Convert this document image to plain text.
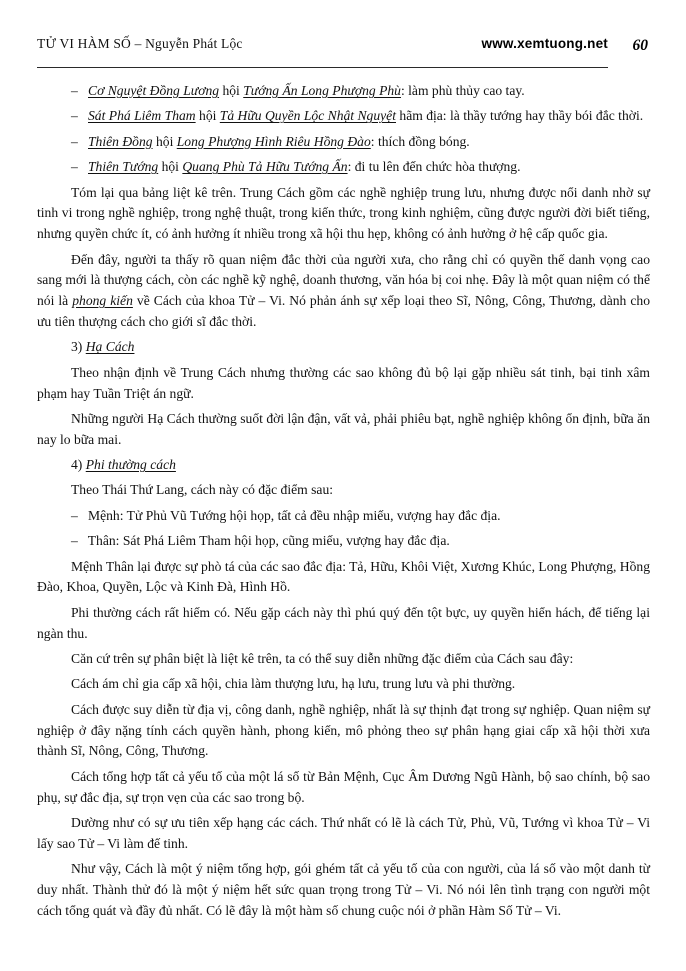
TỬ VI HÀM SỐ – Nguyễn Phát Lộc	www.xemtuong.net 60

–  Cơ Nguyệt Đồng Lương hội Tướng Ấn Long Phượng Phù: làm phù thủy cao tay.

–  Sát Phá Liêm Tham hội Tả Hữu Quyền Lộc Nhật Nguyệt hãm địa: là thầy tướng hay thầy bói đắc thời.

–  Thiên Đồng hội Long Phượng Hình Riêu Hồng Đào: thích đồng bóng.

–  Thiên Tướng hội Quang Phù Tả Hữu Tướng Ấn: đi tu lên đến chức hòa thượng.

Tóm lại qua bảng liệt kê trên. Trung Cách gồm các nghề nghiệp trung lưu, nhưng được nổi danh nhờ sự tinh vi trong nghề nghiệp, trong nghệ thuật, trong kiến thức, trong kinh nghiệm, cũng được người đời biết tiếng, nhưng quyền chức ít, có ảnh hưởng ít nhiều trong xã hội thu hẹp, không có ảnh hưởng ở hệ cấp quốc gia.

Đến đây, người ta thấy rõ quan niệm đắc thời của người xưa, cho rằng chỉ có quyền thế danh vọng cao sang mới là thượng cách, còn các nghề kỹ nghệ, doanh thương, văn hóa bị coi nhẹ. Đây là một quan niệm có thể nói là phong kiến về Cách của khoa Tử – Vi. Nó phản ánh sự xếp loại theo Sĩ, Nông, Công, Thương, dành cho ưu tiên thượng cách cho giới sĩ đắc thời.

3) Hạ Cách

Theo nhận định về Trung Cách nhưng thường các sao không đủ bộ lại gặp nhiều sát tinh, bại tinh xâm phạm hay Tuần Triệt án ngữ.

Những người Hạ Cách thường suốt đời lận đận, vất vả, phải phiêu bạt, nghề nghiệp không ổn định, bữa ăn nay lo bữa mai.

4) Phi thường cách

Theo Thái Thứ Lang, cách này có đặc điểm sau:

–  Mệnh: Tử Phủ Vũ Tướng hội họp, tất cả đều nhập miếu, vượng hay đắc địa.

–  Thân: Sát Phá Liêm Tham hội họp, cũng miếu, vượng hay đắc địa.

Mệnh Thân lại được sự phò tá của các sao đắc địa: Tả, Hữu, Khôi Việt, Xương Khúc, Long Phượng, Hồng Đào, Khoa, Quyền, Lộc và Kinh Đà, Hình Hồ.

Phi thường cách rất hiếm có. Nếu gặp cách này thì phú quý đến tột bực, uy quyền hiển hách, để tiếng lại ngàn thu.

Căn cứ trên sự phân biệt là liệt kê trên, ta có thể suy diễn những đặc điểm của Cách sau đây:

Cách ám chỉ gia cấp xã hội, chia làm thượng lưu, hạ lưu, trung lưu và phi thường.

Cách được suy diễn từ địa vị, công danh, nghề nghiệp, nhất là sự thịnh đạt trong sự nghiệp. Quan niệm sự nghiệp ở đây nặng tính cách quyền hành, phong kiến, mô phỏng theo sự phân hạng giai cấp xã hội thời xưa thành Sĩ, Nông, Công, Thương.

Cách tổng hợp tất cả yếu tố của một lá số từ Bản Mệnh, Cục Âm Dương Ngũ Hành, bộ sao chính, bộ sao phụ, sự đắc địa, sự trọn vẹn của các sao trong bộ.

Dường như có sự ưu tiên xếp hạng các cách. Thứ nhất có lẽ là cách Tử, Phủ, Vũ, Tướng vì khoa Tử – Vi lấy sao Tử – Vi làm đế tinh.

Như vậy, Cách là một ý niệm tổng hợp, gói ghém tất cả yếu tố của con người, của lá số vào một danh từ duy nhất. Thành thử đó là một ý niệm hết sức quan trọng trong Tử – Vi. Nó nói lên tình trạng con người một cách tổng quát và đầy đủ nhất. Có lẽ đây là một hàm số chung cuộc nói ở phần Hàm Số Tử – Vi.
